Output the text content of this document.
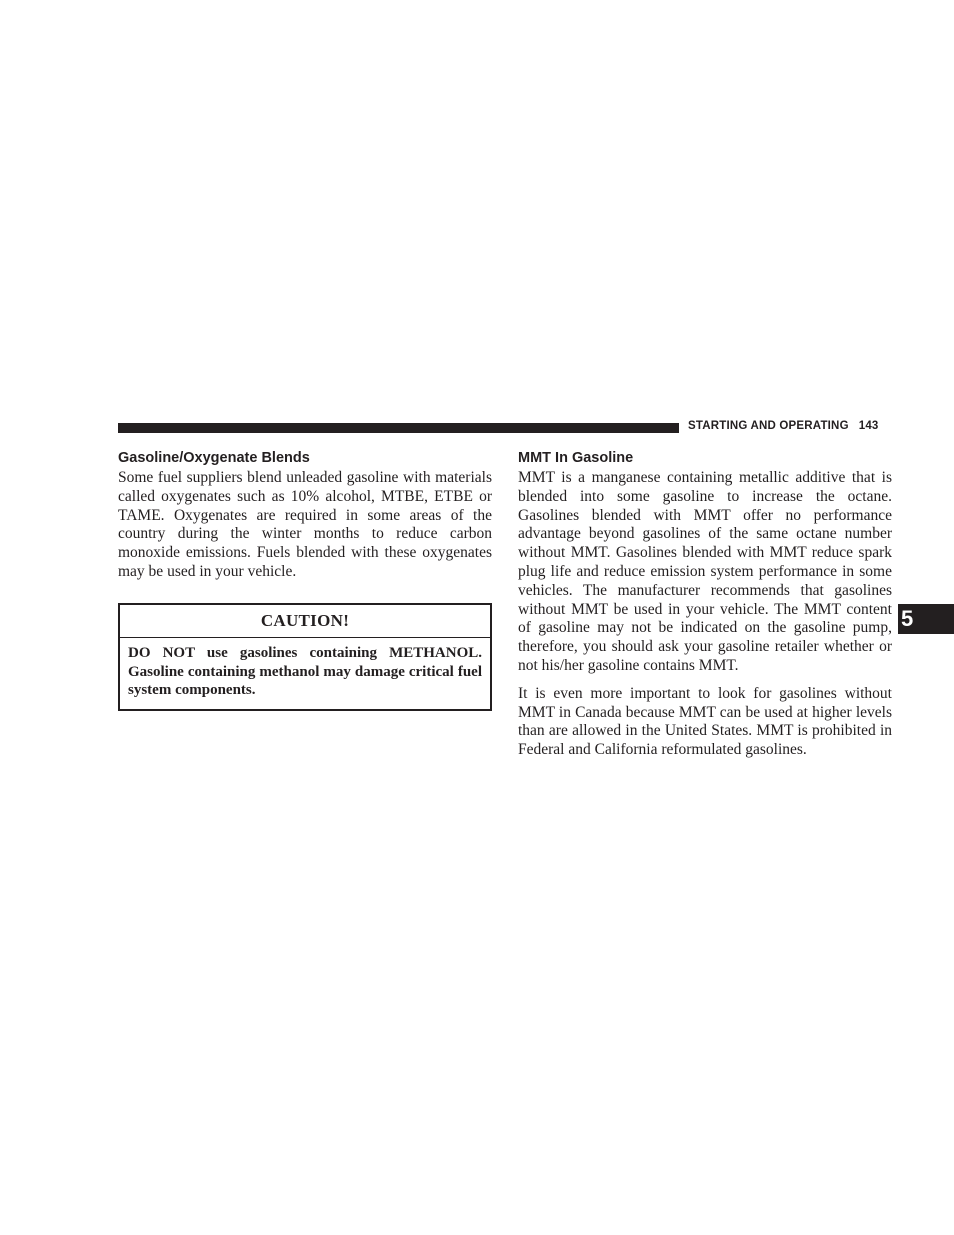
STARTING AND OPERATING 143
Gasoline/Oxygenate Blends

Some fuel suppliers blend unleaded gasoline with materials called oxygenates such as 10% alcohol, MTBE, ETBE or TAME. Oxygenates are required in some areas of the country during the winter months to reduce carbon monoxide emissions. Fuels blended with these oxygenates may be used in your vehicle.

CAUTION!
DO NOT use gasolines containing METHANOL. Gasoline containing methanol may damage critical fuel system components.
MMT In Gasoline

MMT is a manganese containing metallic additive that is blended into some gasoline to increase the octane. Gasolines blended with MMT offer no performance advantage beyond gasolines of the same octane number without MMT. Gasolines blended with MMT reduce spark plug life and reduce emission system performance in some vehicles. The manufacturer recommends that gasolines without MMT be used in your vehicle. The MMT content of gasoline may not be indicated on the gasoline pump, therefore, you should ask your gasoline retailer whether or not his/her gasoline contains MMT.

It is even more important to look for gasolines without MMT in Canada because MMT can be used at higher levels than are allowed in the United States. MMT is prohibited in Federal and California reformulated gasolines.

5
